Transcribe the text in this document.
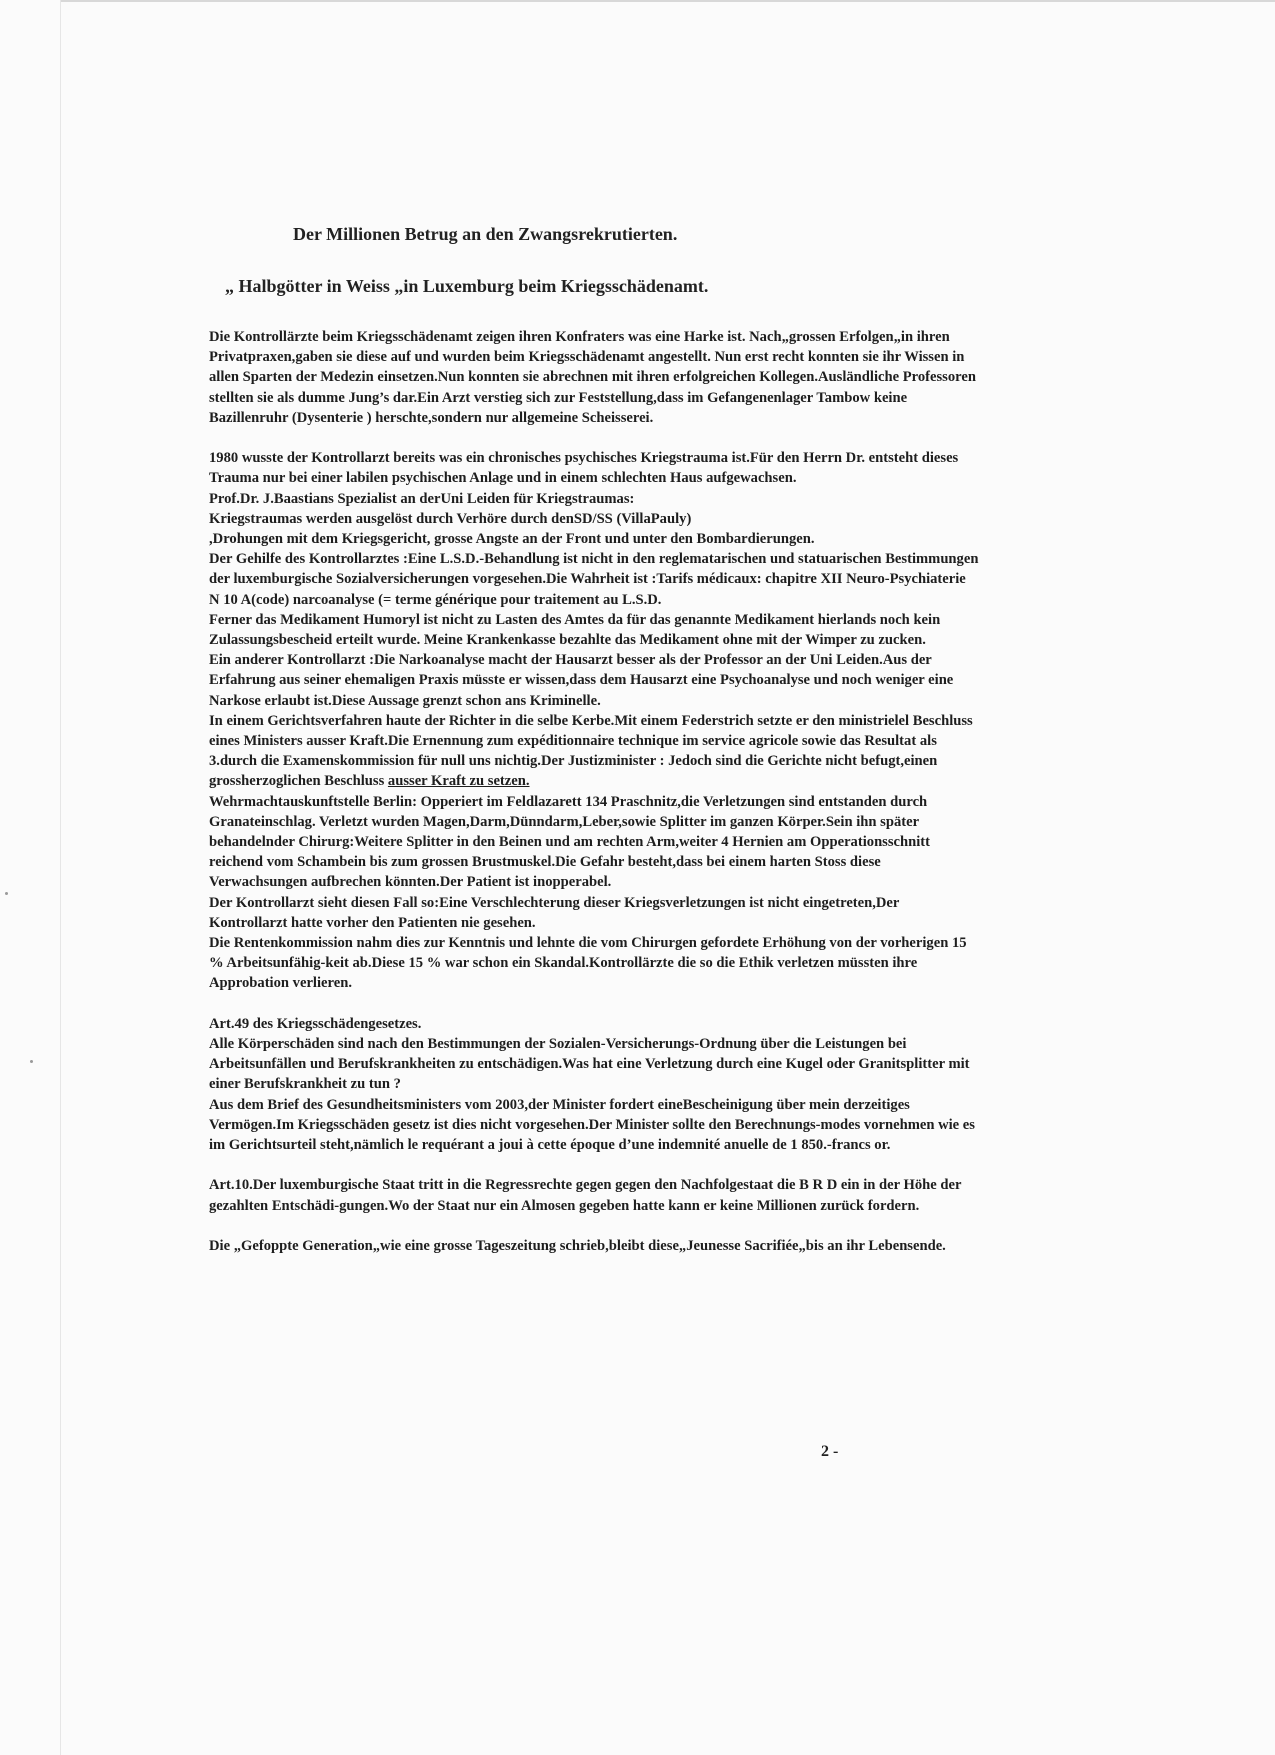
Der Millionen Betrug an den Zwangsrekrutierten.
„ Halbgötter in Weiss „in Luxemburg beim Kriegsschädenamt.

Die Kontrollärzte beim Kriegsschädenamt zeigen ihren Konfraters was eine Harke ist. Nach„grossen Erfolgen„in ihren

Privatpraxen,gaben sie diese auf und wurden beim Kriegsschädenamt angestellt. Nun erst recht konnten sie ihr Wissen in

allen Sparten der Medezin einsetzen.Nun konnten sie abrechnen mit ihren erfolgreichen Kollegen.Ausländliche Professoren

stellten sie als dumme Jung’s dar.Ein Arzt verstieg sich zur Feststellung,dass im Gefangenenlager Tambow keine

Bazillenruhr (Dysenterie ) herschte,sondern nur allgemeine Scheisserei.

1980 wusste der Kontrollarzt bereits was ein chronisches psychisches Kriegstrauma ist.Für den Herrn Dr. entsteht dieses

Trauma nur bei einer labilen psychischen Anlage und in einem schlechten Haus aufgewachsen.

Prof.Dr. J.Baastians Spezialist an derUni Leiden für Kriegstraumas:

Kriegstraumas werden ausgelöst durch Verhöre durch denSD/SS (VillaPauly)

,Drohungen mit dem Kriegsgericht, grosse Angste an der Front und unter den Bombardierungen.

Der Gehilfe des Kontrollarztes :Eine L.S.D.-Behandlung ist nicht in den reglematarischen und statuarischen Bestimmungen

der luxemburgische Sozialversicherungen vorgesehen.Die Wahrheit ist :Tarifs médicaux: chapitre XII Neuro-Psychiaterie

N 10 A(code) narcoanalyse (= terme générique pour traitement au L.S.D.

Ferner das Medikament Humoryl ist nicht zu Lasten des Amtes da für das genannte Medikament hierlands noch kein

Zulassungsbescheid erteilt wurde. Meine Krankenkasse bezahlte das Medikament ohne mit der Wimper zu zucken.

Ein anderer Kontrollarzt :Die Narkoanalyse macht der Hausarzt besser als der Professor an der Uni Leiden.Aus der

Erfahrung aus seiner ehemaligen Praxis müsste er wissen,dass dem Hausarzt eine Psychoanalyse und noch weniger eine

Narkose erlaubt ist.Diese Aussage grenzt schon ans Kriminelle.

In einem Gerichtsverfahren haute der Richter in die selbe Kerbe.Mit einem Federstrich setzte er den ministrielel Beschluss

eines Ministers ausser Kraft.Die Ernennung zum expéditionnaire technique im service agricole sowie das Resultat als

3.durch die Examenskommission für null uns nichtig.Der Justizminister : Jedoch sind die Gerichte nicht befugt,einen

grossherzoglichen Beschluss ausser Kraft zu setzen.

Wehrmachtauskunftstelle Berlin: Opperiert im Feldlazarett 134 Praschnitz,die Verletzungen sind entstanden durch

Granateinschlag. Verletzt wurden Magen,Darm,Dünndarm,Leber,sowie Splitter im ganzen Körper.Sein ihn später

behandelnder Chirurg:Weitere Splitter in den Beinen und am rechten Arm,weiter 4 Hernien am Opperationsschnitt

reichend vom Schambein bis zum grossen Brustmuskel.Die Gefahr besteht,dass bei einem harten Stoss diese

Verwachsungen aufbrechen könnten.Der Patient ist inopperabel.

Der Kontrollarzt sieht diesen Fall so:Eine Verschlechterung dieser Kriegsverletzungen ist nicht eingetreten,Der

Kontrollarzt hatte vorher den Patienten nie gesehen.

Die Rentenkommission nahm dies zur Kenntnis und lehnte die vom Chirurgen gefordete Erhöhung von der vorherigen 15

% Arbeitsunfähig-keit ab.Diese 15 % war schon ein Skandal.Kontrollärzte die so die Ethik verletzen müssten ihre

Approbation verlieren.

Art.49 des Kriegsschädengesetzes.

Alle Körperschäden sind nach den Bestimmungen der Sozialen-Versicherungs-Ordnung über die Leistungen bei

Arbeitsunfällen und Berufskrankheiten zu entschädigen.Was hat eine Verletzung durch eine Kugel oder Granitsplitter mit

einer Berufskrankheit zu tun ?

Aus dem Brief des Gesundheitsministers vom 2003,der Minister fordert eineBescheinigung über mein derzeitiges

Vermögen.Im Kriegsschäden gesetz ist dies nicht vorgesehen.Der Minister sollte den Berechnungs-modes vornehmen wie es

im Gerichtsurteil steht,nämlich le requérant a joui à cette époque d’une indemnité anuelle de 1 850.-francs or.

Art.10.Der luxemburgische Staat tritt in die Regressrechte gegen gegen den Nachfolgestaat die B R D ein in der Höhe der

gezahlten Entschädi-gungen.Wo der Staat nur ein Almosen gegeben hatte kann er keine Millionen zurück fordern.

Die „Gefoppte Generation„wie eine grosse Tageszeitung schrieb,bleibt diese„Jeunesse Sacrifiée„bis an ihr Lebensende.

2 -
